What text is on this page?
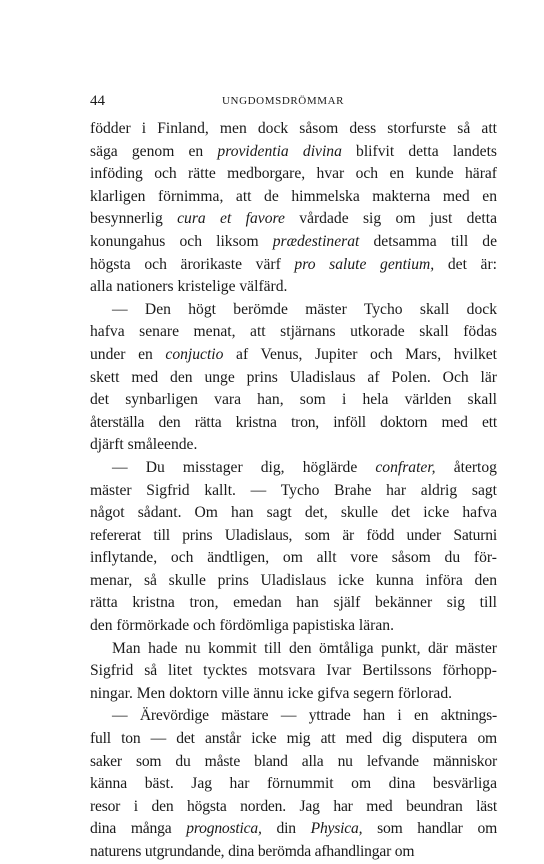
44	UNGDOMSDRÖMMAR
födder i Finland, men dock såsom dess storfurste så att
säga genom en providentia divina blifvit detta landets
inföding och rätte medborgare, hvar och en kunde häraf
klarligen förnimma, att de himmelska makterna med en
besynnerlig cura et favore vårdade sig om just detta
konungahus och liksom prædestinerat detsamma till de
högsta och ärorikaste värf pro salute gentium, det är:
alla nationers kristelige välfärd.
— Den högt berömde mäster Tycho skall dock
hafva senare menat, att stjärnans utkorade skall födas
under en conjuctio af Venus, Jupiter och Mars, hvilket
skett med den unge prins Uladislaus af Polen. Och lär
det synbarligen vara han, som i hela världen skall
återställa den rätta kristna tron, inföll doktorn med ett
djärft småleende.
— Du misstager dig, höglärde confrater, återtog
mäster Sigfrid kallt. — Tycho Brahe har aldrig sagt
något sådant. Om han sagt det, skulle det icke hafva
refererat till prins Uladislaus, som är född under Saturni
inflytande, och ändtligen, om allt vore såsom du för-
menar, så skulle prins Uladislaus icke kunna införa den
rätta kristna tron, emedan han själf bekänner sig till
den förmörkade och fördömliga papistiska läran.
Man hade nu kommit till den ömtåliga punkt, där mäster
Sigfrid så litet tycktes motsvara Ivar Bertilssons förhopp-
ningar. Men doktorn ville ännu icke gifva segern förlorad.
— Ärevördige mästare — yttrade han i en aktnings-
full ton — det anstår icke mig att med dig disputera om
saker som du måste bland alla nu lefvande människor
känna bäst. Jag har förnummit om dina besvärliga
resor i den högsta norden. Jag har med beundran läst
dina många prognostica, din Physica, som handlar om
naturens utgrundande, dina berömda afhandlingar om
